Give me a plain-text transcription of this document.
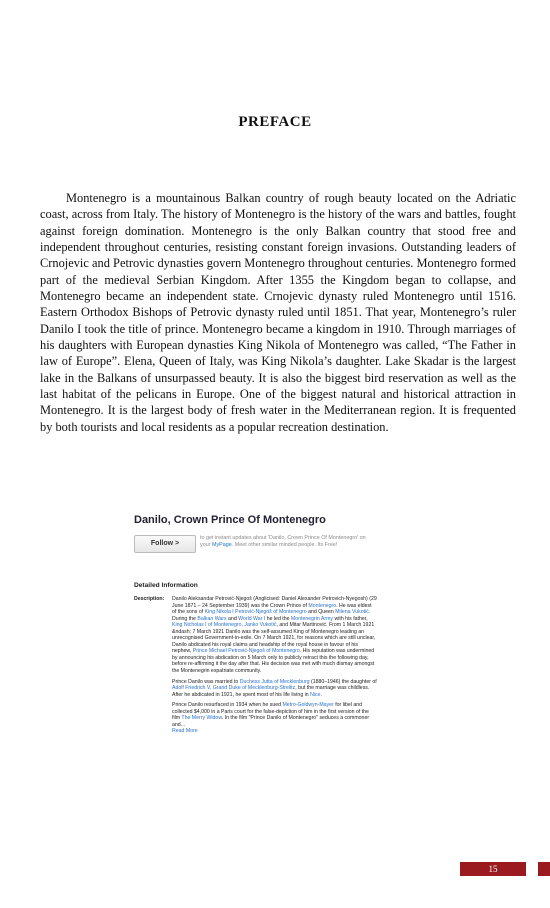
PREFACE

Montenegro is a mountainous Balkan country of rough beauty located on the Adriatic coast, across from Italy. The history of Montenegro is the history of the wars and battles, fought against foreign domination. Montenegro is the only Balkan country that stood free and independent throughout centuries, resisting constant foreign invasions. Outstanding leaders of Crnojevic and Petrovic dynasties govern Montenegro throughout centuries. Montenegro formed part of the medieval Serbian Kingdom. After 1355 the Kingdom began to collapse, and Montenegro became an independent state. Crnojevic dynasty ruled Montenegro until 1516. Eastern Orthodox Bishops of Petrovic dynasty ruled until 1851. That year, Montenegro’s ruler Danilo I took the title of prince. Montenegro became a kingdom in 1910. Through marriages of his daughters with European dynasties King Nikola of Montenegro was called, “The Father in law of Europe”. Elena, Queen of Italy, was King Nikola’s daughter. Lake Skadar is the largest lake in the Balkans of unsurpassed beauty. It is also the biggest bird reservation as well as the last habitat of the pelicans in Europe. One of the biggest natural and historical attraction in Montenegro. It is the largest body of fresh water in the Mediterranean region. It is frequented by both tourists and local residents as a popular recreation destination.

Danilo, Crown Prince Of Montenegro
Follow >
to get instant updates about 'Danilo, Crown Prince Of Montenegro' on your MyPage. Meet other similar minded people. Its Free!
Detailed Information
Description: Danilo Aleksandar Petrović-Njegoš (Anglicised: Daniel Alexander Petrovich-Nyegosh) (29 June 1871 – 24 September 1939) was the Crown Prince of Montenegro. He was eldest of the sons of King Nikola I Petrović-Njegoš of Montenegro and Queen Milena Vukotić. During the Balkan Wars and World War I he led the Montenegrin Army with his father, King Nicholas I of Montenegro, Janko Vukotić, and Mitar Martinović. From 1 March 1921 &ndash; 7 March 1921 Danilo was the self-assumed King of Montenegro leading an unrecognised Government-in-exile. On 7 March 1921, for reasons which are still unclear, Danilo abdicated his royal claims and headship of the royal house in favour of his nephew, Prince Michael Petrović-Njegoš of Montenegro. His reputation was undermined by announcing his abdication on 5 March only to publicly retract this the following day, before re-affirming it the day after that. His decision was met with much dismay amongst the Montenegrin expatriate community.

Prince Danilo was married to Duchess Jutta of Mecklenburg (1880–1946) the daughter of Adolf Friedrich V, Grand Duke of Mecklenburg-Strelitz, but the marriage was childless. After he abdicated in 1921, he spent most of his life living in Nice.

Prince Danilo resurfaced in 1934 when he sued Metro-Goldwyn-Mayer for libel and collected $4,000 in a Paris court for the false-depiction of him in the first version of the film The Merry Widow. In the film "Prince Danilo of Montenegro" seduces a commoner and...
Read More

15
